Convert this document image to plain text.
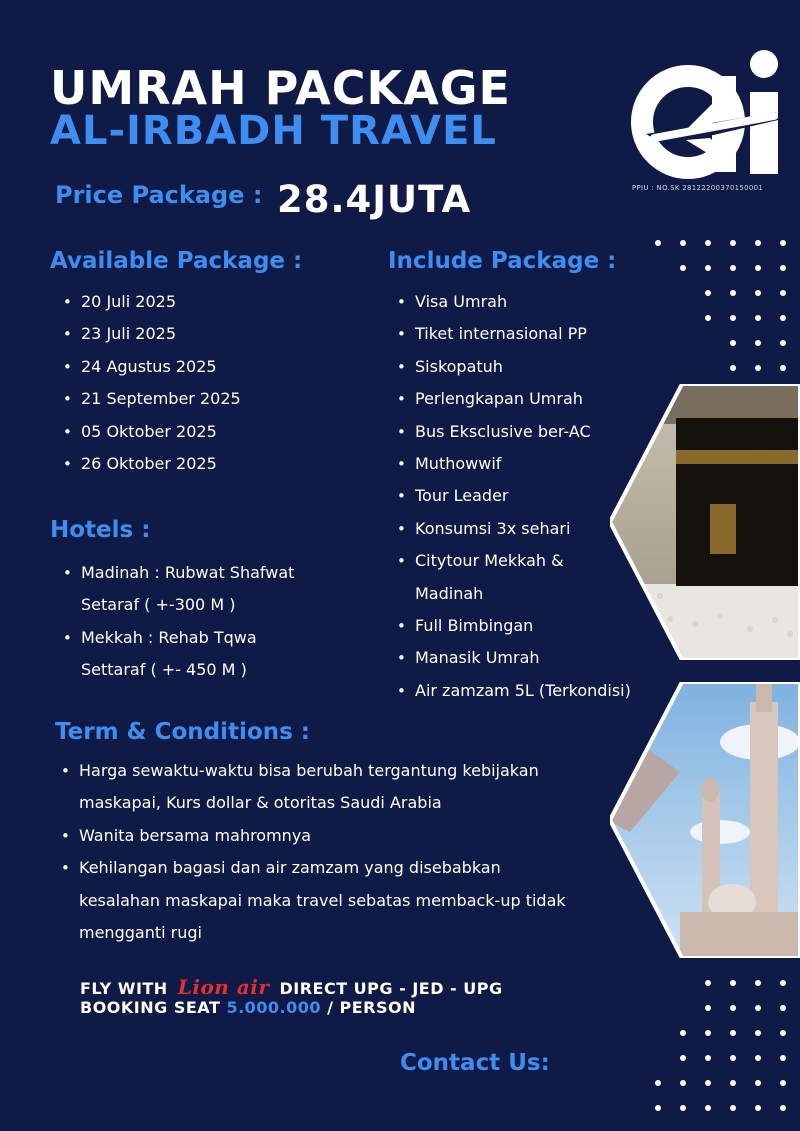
UMRAH PACKAGE
AL-IRBADH TRAVEL
Price Package : 28.4JUTA	PPIU : NO.SK 28122200370150001
Available Package :
• 20 Juli 2025
• 23 Juli 2025
• 24 Agustus 2025
• 21 September 2025
• 05 Oktober 2025
• 26 Oktober 2025
Include Package :
• Visa Umrah
• Tiket internasional PP
• Siskopatuh
• Perlengkapan Umrah
• Bus Eksclusive ber-AC
• Muthowwif
• Tour Leader
• Konsumsi 3x sehari
• Citytour Mekkah &
Madinah
• Full Bimbingan
• Manasik Umrah
• Air zamzam 5L (Terkondisi)
Hotels :
• Madinah : Rubwat Shafwat
Setaraf ( +-300 M )
• Mekkah : Rehab Tqwa
Settaraf ( +- 450 M )
Term & Conditions :
• Harga sewaktu-waktu bisa berubah tergantung kebijakan
maskapai, Kurs dollar & otoritas Saudi Arabia
• Wanita bersama mahromnya
• Kehilangan bagasi dan air zamzam yang disebabkan
kesalahan maskapai maka travel sebatas memback-up tidak
mengganti rugi
FLY WITH Lion air DIRECT UPG - JED - UPG
BOOKING SEAT 5.000.000 / PERSON
Contact Us:
